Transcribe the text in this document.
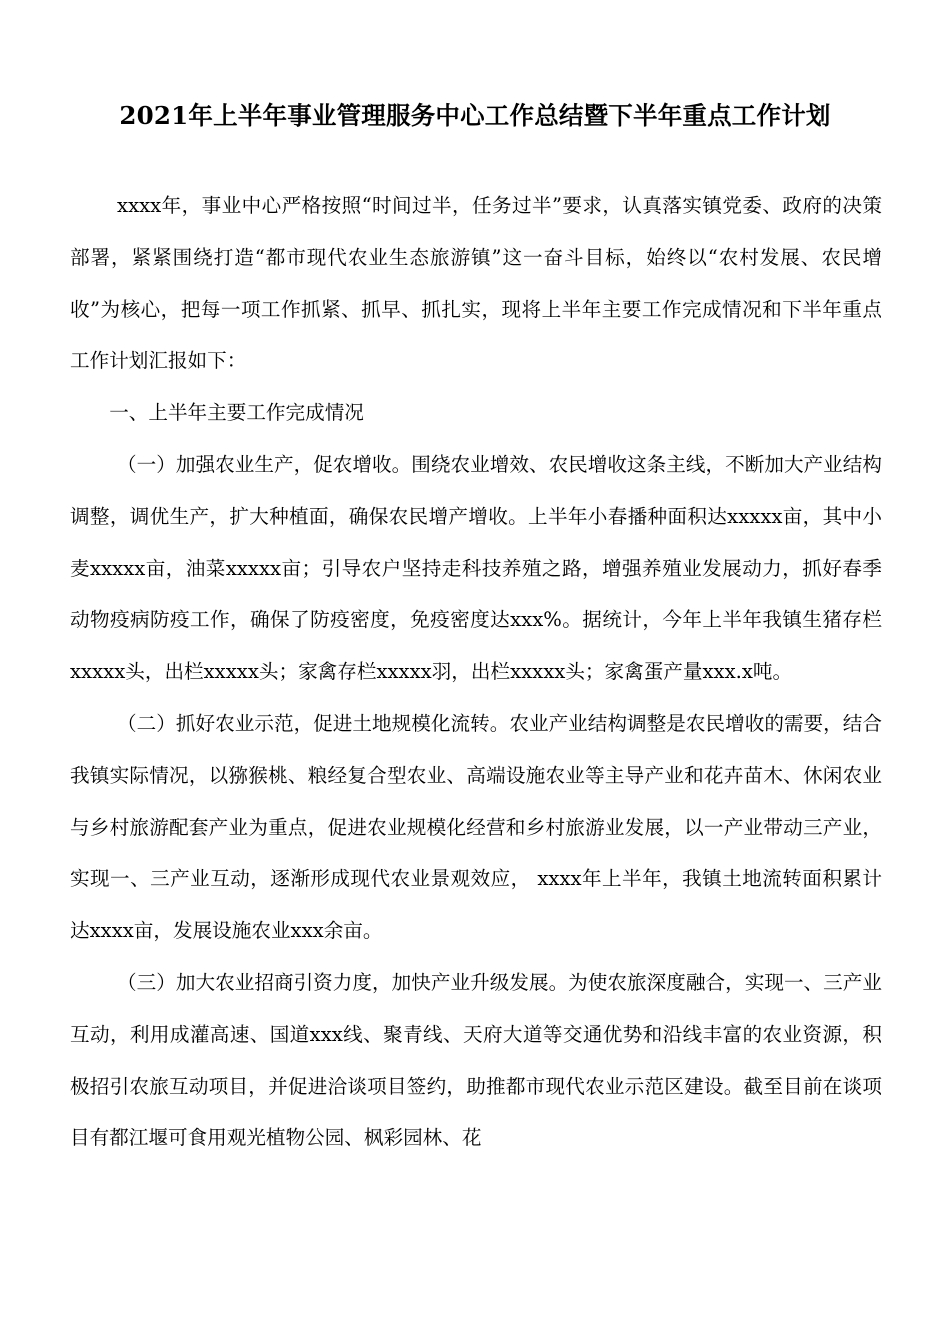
2021年上半年事业管理服务中心工作总结暨下半年重点工作计划

xxxx年，事业中心严格按照“时间过半，任务过半”要求，认真落实镇党委、政府的决策部署，紧紧围绕打造“都市现代农业生态旅游镇”这一奋斗目标，始终以“农村发展、农民增收”为核心，把每一项工作抓紧、抓早、抓扎实，现将上半年主要工作完成情况和下半年重点工作计划汇报如下：

一、上半年主要工作完成情况

（一）加强农业生产，促农增收。围绕农业增效、农民增收这条主线，不断加大产业结构调整，调优生产，扩大种植面，确保农民增产增收。上半年小春播种面积达xxxxx亩，其中小麦xxxxx亩，油菜xxxxx亩；引导农户坚持走科技养殖之路，增强养殖业发展动力，抓好春季动物疫病防疫工作，确保了防疫密度，免疫密度达xxx%。据统计，今年上半年我镇生猪存栏xxxxx头，出栏xxxxx头；家禽存栏xxxxx羽，出栏xxxxx头；家禽蛋产量xxx.x吨。

（二）抓好农业示范，促进土地规模化流转。农业产业结构调整是农民增收的需要，结合我镇实际情况，以猕猴桃、粮经复合型农业、高端设施农业等主导产业和花卉苗木、休闲农业与乡村旅游配套产业为重点，促进农业规模化经营和乡村旅游业发展，以一产业带动三产业，实现一、三产业互动，逐渐形成现代农业景观效应， xxxx年上半年，我镇土地流转面积累计达xxxx亩，发展设施农业xxx余亩。

（三）加大农业招商引资力度，加快产业升级发展。为使农旅深度融合，实现一、三产业互动，利用成灌高速、国道xxx线、聚青线、天府大道等交通优势和沿线丰富的农业资源，积极招引农旅互动项目，并促进洽谈项目签约，助推都市现代农业示范区建设。截至目前在谈项目有都江堰可食用观光植物公园、枫彩园林、花
